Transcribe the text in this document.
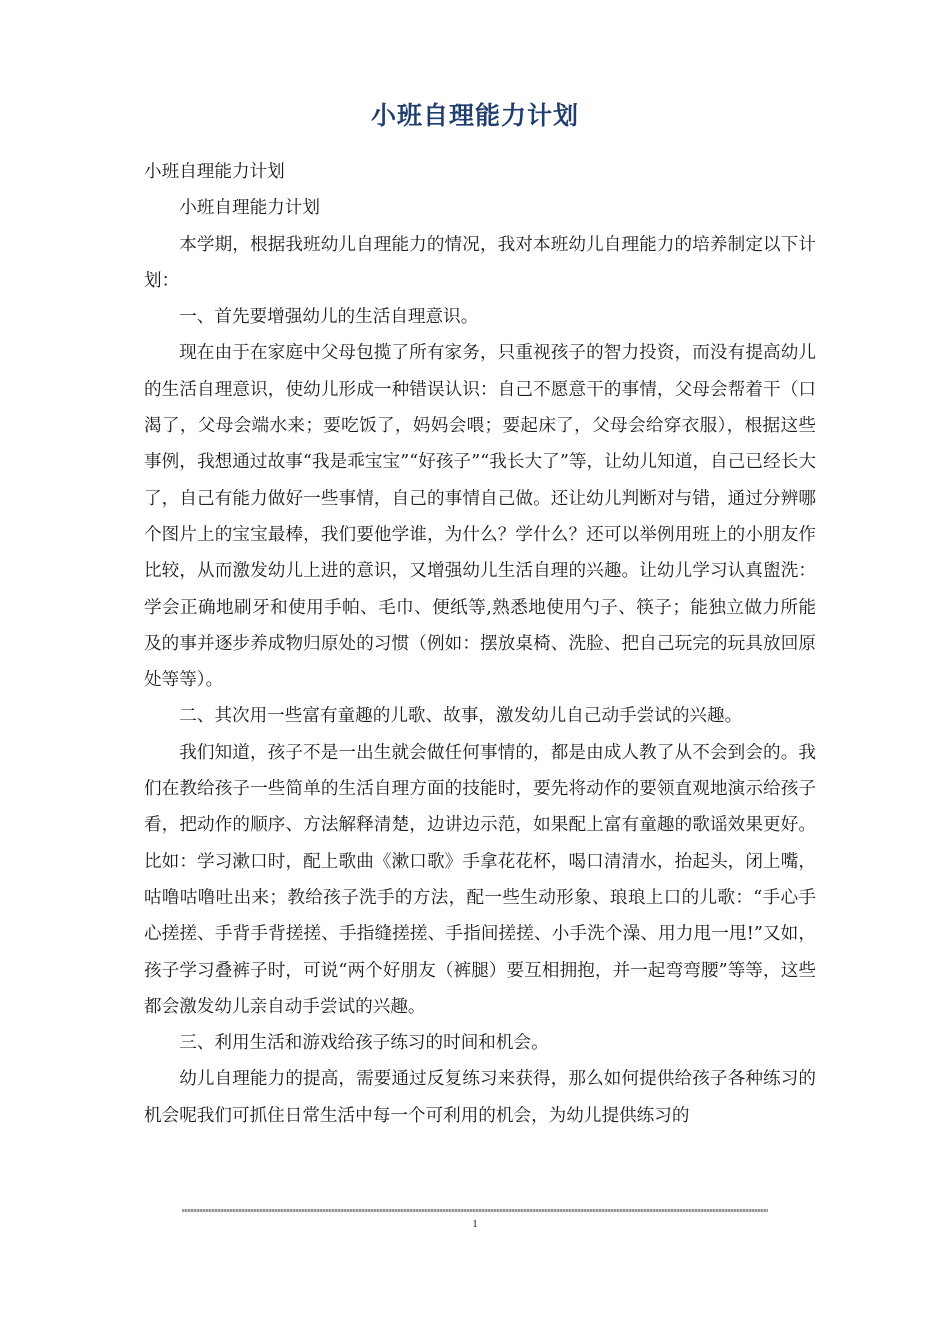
小班自理能力计划

小班自理能力计划

小班自理能力计划

本学期，根据我班幼儿自理能力的情况，我对本班幼儿自理能力的培养制定以下计划：

一、首先要增强幼儿的生活自理意识。

现在由于在家庭中父母包揽了所有家务，只重视孩子的智力投资，而没有提高幼儿的生活自理意识，使幼儿形成一种错误认识：自己不愿意干的事情，父母会帮着干（口渴了，父母会端水来；要吃饭了，妈妈会喂；要起床了，父母会给穿衣服），根据这些事例，我想通过故事“我是乖宝宝”“好孩子”“我长大了”等，让幼儿知道，自己已经长大了，自己有能力做好一些事情，自己的事情自己做。还让幼儿判断对与错，通过分辨哪个图片上的宝宝最棒，我们要他学谁，为什么？学什么？还可以举例用班上的小朋友作比较，从而激发幼儿上进的意识，又增强幼儿生活自理的兴趣。让幼儿学习认真盥洗：学会正确地刷牙和使用手帕、毛巾、便纸等,熟悉地使用勺子、筷子；能独立做力所能及的事并逐步养成物归原处的习惯（例如：摆放桌椅、洗脸、把自己玩完的玩具放回原处等等）。

二、其次用一些富有童趣的儿歌、故事，激发幼儿自己动手尝试的兴趣。

我们知道，孩子不是一出生就会做任何事情的，都是由成人教了从不会到会的。我们在教给孩子一些简单的生活自理方面的技能时，要先将动作的要领直观地演示给孩子看，把动作的顺序、方法解释清楚，边讲边示范，如果配上富有童趣的歌谣效果更好。比如：学习漱口时，配上歌曲《漱口歌》手拿花花杯，喝口清清水，抬起头，闭上嘴，咕噜咕噜吐出来；教给孩子洗手的方法，配一些生动形象、琅琅上口的儿歌：“手心手心搓搓、手背手背搓搓、手指缝搓搓、手指间搓搓、小手洗个澡、用力甩一甩!”又如，孩子学习叠裤子时，可说“两个好朋友（裤腿）要互相拥抱，并一起弯弯腰”等等，这些都会激发幼儿亲自动手尝试的兴趣。

三、利用生活和游戏给孩子练习的时间和机会。

幼儿自理能力的提高，需要通过反复练习来获得，那么如何提供给孩子各种练习的机会呢我们可抓住日常生活中每一个可利用的机会，为幼儿提供练习的

1
